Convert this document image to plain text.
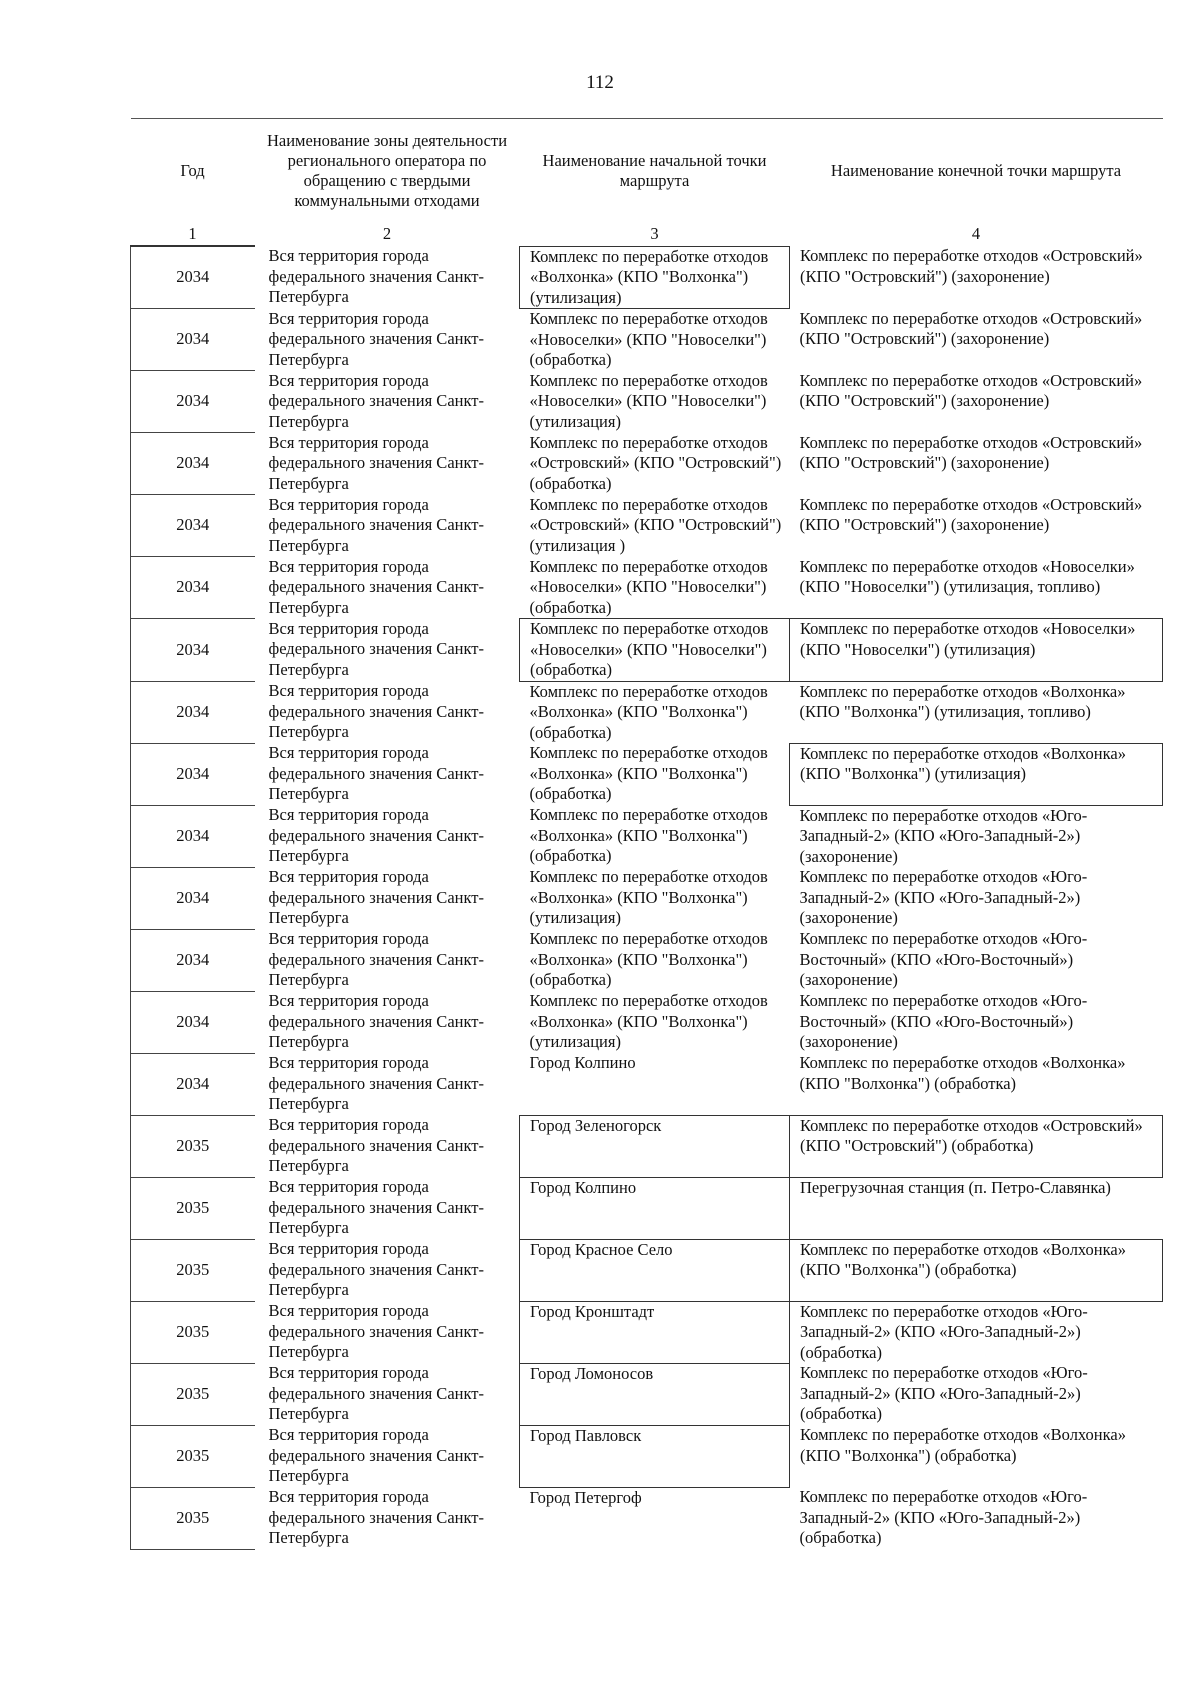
112
Год	Наименование зоны деятельности регионального оператора по обращению с твердыми коммунальными отходами	Наименование начальной точки маршрута	Наименование конечной точки маршрута
1	2	3	4
2034	Вся территория города федерального значения Санкт-Петербурга	Комплекс по переработке отходов «Волхонка» (КПО "Волхонка") (утилизация)	Комплекс по переработке отходов «Островский» (КПО "Островский") (захоронение)
2034	Вся территория города федерального значения Санкт-Петербурга	Комплекс по переработке отходов «Новоселки» (КПО "Новоселки") (обработка)	Комплекс по переработке отходов «Островский» (КПО "Островский") (захоронение)
2034	Вся территория города федерального значения Санкт-Петербурга	Комплекс по переработке отходов «Новоселки» (КПО "Новоселки") (утилизация)	Комплекс по переработке отходов «Островский» (КПО "Островский") (захоронение)
2034	Вся территория города федерального значения Санкт-Петербурга	Комплекс по переработке отходов «Островский» (КПО "Островский") (обработка)	Комплекс по переработке отходов «Островский» (КПО "Островский") (захоронение)
2034	Вся территория города федерального значения Санкт-Петербурга	Комплекс по переработке отходов «Островский» (КПО "Островский") (утилизация )	Комплекс по переработке отходов «Островский» (КПО "Островский") (захоронение)
2034	Вся территория города федерального значения Санкт-Петербурга	Комплекс по переработке отходов «Новоселки» (КПО "Новоселки") (обработка)	Комплекс по переработке отходов «Новоселки» (КПО "Новоселки") (утилизация, топливо)
2034	Вся территория города федерального значения Санкт-Петербурга	Комплекс по переработке отходов «Новоселки» (КПО "Новоселки") (обработка)	Комплекс по переработке отходов «Новоселки» (КПО "Новоселки") (утилизация)
2034	Вся территория города федерального значения Санкт-Петербурга	Комплекс по переработке отходов «Волхонка» (КПО "Волхонка") (обработка)	Комплекс по переработке отходов «Волхонка» (КПО "Волхонка") (утилизация, топливо)
2034	Вся территория города федерального значения Санкт-Петербурга	Комплекс по переработке отходов «Волхонка» (КПО "Волхонка") (обработка)	Комплекс по переработке отходов «Волхонка» (КПО "Волхонка") (утилизация)
2034	Вся территория города федерального значения Санкт-Петербурга	Комплекс по переработке отходов «Волхонка» (КПО "Волхонка") (обработка)	Комплекс по переработке отходов «Юго-Западный-2» (КПО «Юго-Западный-2») (захоронение)
2034	Вся территория города федерального значения Санкт-Петербурга	Комплекс по переработке отходов «Волхонка» (КПО "Волхонка") (утилизация)	Комплекс по переработке отходов «Юго-Западный-2» (КПО «Юго-Западный-2») (захоронение)
2034	Вся территория города федерального значения Санкт-Петербурга	Комплекс по переработке отходов «Волхонка» (КПО "Волхонка") (обработка)	Комплекс по переработке отходов «Юго-Восточный» (КПО «Юго-Восточный») (захоронение)
2034	Вся территория города федерального значения Санкт-Петербурга	Комплекс по переработке отходов «Волхонка» (КПО "Волхонка") (утилизация)	Комплекс по переработке отходов «Юго-Восточный» (КПО «Юго-Восточный») (захоронение)
2034	Вся территория города федерального значения Санкт-Петербурга	Город Колпино	Комплекс по переработке отходов «Волхонка» (КПО "Волхонка") (обработка)
2035	Вся территория города федерального значения Санкт-Петербурга	Город Зеленогорск	Комплекс по переработке отходов «Островский» (КПО "Островский") (обработка)
2035	Вся территория города федерального значения Санкт-Петербурга	Город Колпино	Перегрузочная станция (п. Петро-Славянка)
2035	Вся территория города федерального значения Санкт-Петербурга	Город Красное Село	Комплекс по переработке отходов «Волхонка» (КПО "Волхонка") (обработка)
2035	Вся территория города федерального значения Санкт-Петербурга	Город Кронштадт	Комплекс по переработке отходов «Юго-Западный-2» (КПО «Юго-Западный-2») (обработка)
2035	Вся территория города федерального значения Санкт-Петербурга	Город Ломоносов	Комплекс по переработке отходов «Юго-Западный-2» (КПО «Юго-Западный-2») (обработка)
2035	Вся территория города федерального значения Санкт-Петербурга	Город Павловск	Комплекс по переработке отходов «Волхонка» (КПО "Волхонка") (обработка)
2035	Вся территория города федерального значения Санкт-Петербурга	Город Петергоф	Комплекс по переработке отходов «Юго-Западный-2» (КПО «Юго-Западный-2») (обработка)
